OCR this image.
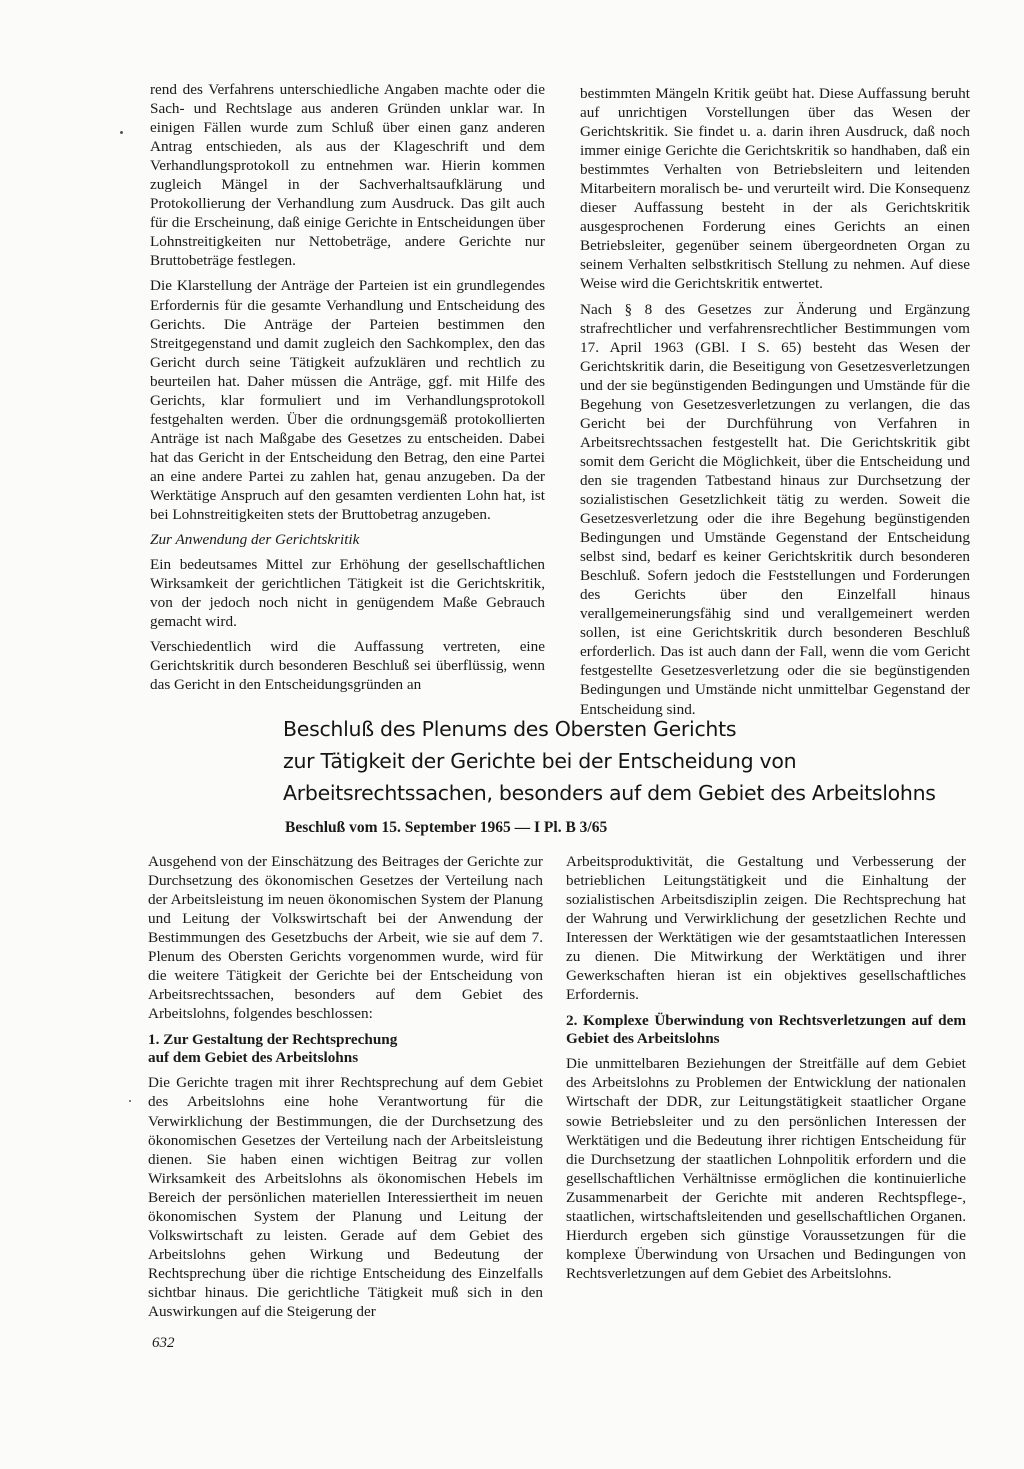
rend des Verfahrens unterschiedliche Angaben machte oder die Sach- und Rechtslage aus anderen Gründen unklar war. In einigen Fällen wurde zum Schluß über einen ganz anderen Antrag entschieden, als aus der Klageschrift und dem Verhandlungsprotokoll zu entnehmen war. Hierin kommen zugleich Mängel in der Sachverhaltsaufklärung und Protokollierung der Verhandlung zum Ausdruck. Das gilt auch für die Erscheinung, daß einige Gerichte in Entscheidungen über Lohnstreitigkeiten nur Nettobeträge, andere Gerichte nur Bruttobeträge festlegen.

Die Klarstellung der Anträge der Parteien ist ein grundlegendes Erfordernis für die gesamte Verhandlung und Entscheidung des Gerichts. Die Anträge der Parteien bestimmen den Streitgegenstand und damit zugleich den Sachkomplex, den das Gericht durch seine Tätigkeit aufzuklären und rechtlich zu beurteilen hat. Daher müssen die Anträge, ggf. mit Hilfe des Gerichts, klar formuliert und im Verhandlungsprotokoll festgehalten werden. Über die ordnungsgemäß protokollierten Anträge ist nach Maßgabe des Gesetzes zu entscheiden. Dabei hat das Gericht in der Entscheidung den Betrag, den eine Partei an eine andere Partei zu zahlen hat, genau anzugeben. Da der Werktätige Anspruch auf den gesamten verdienten Lohn hat, ist bei Lohnstreitigkeiten stets der Bruttobetrag anzugeben.

Zur Anwendung der Gerichtskritik

Ein bedeutsames Mittel zur Erhöhung der gesellschaftlichen Wirksamkeit der gerichtlichen Tätigkeit ist die Gerichtskritik, von der jedoch noch nicht in genügendem Maße Gebrauch gemacht wird.

Verschiedentlich wird die Auffassung vertreten, eine Gerichtskritik durch besonderen Beschluß sei überflüssig, wenn das Gericht in den Entscheidungsgründen an

bestimmten Mängeln Kritik geübt hat. Diese Auffassung beruht auf unrichtigen Vorstellungen über das Wesen der Gerichtskritik. Sie findet u. a. darin ihren Ausdruck, daß noch immer einige Gerichte die Gerichtskritik so handhaben, daß ein bestimmtes Verhalten von Betriebsleitern und leitenden Mitarbeitern moralisch be- und verurteilt wird. Die Konsequenz dieser Auffassung besteht in der als Gerichtskritik ausgesprochenen Forderung eines Gerichts an einen Betriebsleiter, gegenüber seinem übergeordneten Organ zu seinem Verhalten selbstkritisch Stellung zu nehmen. Auf diese Weise wird die Gerichtskritik entwertet.

Nach § 8 des Gesetzes zur Änderung und Ergänzung strafrechtlicher und verfahrensrechtlicher Bestimmungen vom 17. April 1963 (GBl. I S. 65) besteht das Wesen der Gerichtskritik darin, die Beseitigung von Gesetzesverletzungen und der sie begünstigenden Bedingungen und Umstände für die Begehung von Gesetzesverletzungen zu verlangen, die das Gericht bei der Durchführung von Verfahren in Arbeitsrechtssachen festgestellt hat. Die Gerichtskritik gibt somit dem Gericht die Möglichkeit, über die Entscheidung und den sie tragenden Tatbestand hinaus zur Durchsetzung der sozialistischen Gesetzlichkeit tätig zu werden. Soweit die Gesetzesverletzung oder die ihre Begehung begünstigenden Bedingungen und Umstände Gegenstand der Entscheidung selbst sind, bedarf es keiner Gerichtskritik durch besonderen Beschluß. Sofern jedoch die Feststellungen und Forderungen des Gerichts über den Einzelfall hinaus verallgemeinerungsfähig sind und verallgemeinert werden sollen, ist eine Gerichtskritik durch besonderen Beschluß erforderlich. Das ist auch dann der Fall, wenn die vom Gericht festgestellte Gesetzesverletzung oder die sie begünstigenden Bedingungen und Umstände nicht unmittelbar Gegenstand der Entscheidung sind.

Beschluß des Plenums des Obersten Gerichts
zur Tätigkeit der Gerichte bei der Entscheidung von
Arbeitsrechtssachen, besonders auf dem Gebiet des Arbeitslohns
Beschluß vom 15. September 1965 — I Pl. B 3/65

Ausgehend von der Einschätzung des Beitrages der Gerichte zur Durchsetzung des ökonomischen Gesetzes der Verteilung nach der Arbeitsleistung im neuen ökonomischen System der Planung und Leitung der Volkswirtschaft bei der Anwendung der Bestimmungen des Gesetzbuchs der Arbeit, wie sie auf dem 7. Plenum des Obersten Gerichts vorgenommen wurde, wird für die weitere Tätigkeit der Gerichte bei der Entscheidung von Arbeitsrechtssachen, besonders auf dem Gebiet des Arbeitslohns, folgendes beschlossen:

1. Zur Gestaltung der Rechtsprechung
auf dem Gebiet des Arbeitslohns

Die Gerichte tragen mit ihrer Rechtsprechung auf dem Gebiet des Arbeitslohns eine hohe Verantwortung für die Verwirklichung der Bestimmungen, die der Durchsetzung des ökonomischen Gesetzes der Verteilung nach der Arbeitsleistung dienen. Sie haben einen wichtigen Beitrag zur vollen Wirksamkeit des Arbeitslohns als ökonomischen Hebels im Bereich der persönlichen materiellen Interessiertheit im neuen ökonomischen System der Planung und Leitung der Volkswirtschaft zu leisten. Gerade auf dem Gebiet des Arbeitslohns gehen Wirkung und Bedeutung der Rechtsprechung über die richtige Entscheidung des Einzelfalls sichtbar hinaus. Die gerichtliche Tätigkeit muß sich in den Auswirkungen auf die Steigerung der

Arbeitsproduktivität, die Gestaltung und Verbesserung der betrieblichen Leitungstätigkeit und die Einhaltung der sozialistischen Arbeitsdisziplin zeigen. Die Rechtsprechung hat der Wahrung und Verwirklichung der gesetzlichen Rechte und Interessen der Werktätigen wie der gesamtstaatlichen Interessen zu dienen. Die Mitwirkung der Werktätigen und ihrer Gewerkschaften hieran ist ein objektives gesellschaftliches Erfordernis.

2. Komplexe Überwindung von Rechtsverletzungen auf dem Gebiet des Arbeitslohns

Die unmittelbaren Beziehungen der Streitfälle auf dem Gebiet des Arbeitslohns zu Problemen der Entwicklung der nationalen Wirtschaft der DDR, zur Leitungstätigkeit staatlicher Organe sowie Betriebsleiter und zu den persönlichen Interessen der Werktätigen und die Bedeutung ihrer richtigen Entscheidung für die Durchsetzung der staatlichen Lohnpolitik erfordern und die gesellschaftlichen Verhältnisse ermöglichen die kontinuierliche Zusammenarbeit der Gerichte mit anderen Rechtspflege-, staatlichen, wirtschaftsleitenden und gesellschaftlichen Organen. Hierdurch ergeben sich günstige Voraussetzungen für die komplexe Überwindung von Ursachen und Bedingungen von Rechtsverletzungen auf dem Gebiet des Arbeitslohns.

632
